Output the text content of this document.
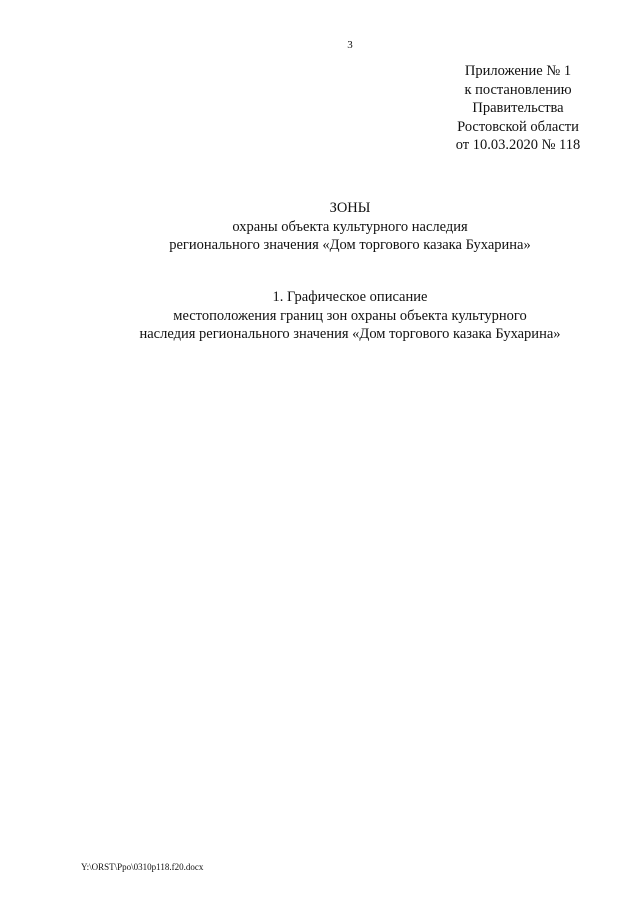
3
Приложение № 1
к постановлению
Правительства
Ростовской области
от 10.03.2020 № 118
ЗОНЫ
охраны объекта культурного наследия
регионального значения «Дом торгового казака Бухарина»
1. Графическое описание
местоположения границ зон охраны объекта культурного
наследия регионального значения «Дом торгового казака Бухарина»
Y:\ORST\Ppo\0310p118.f20.docx
